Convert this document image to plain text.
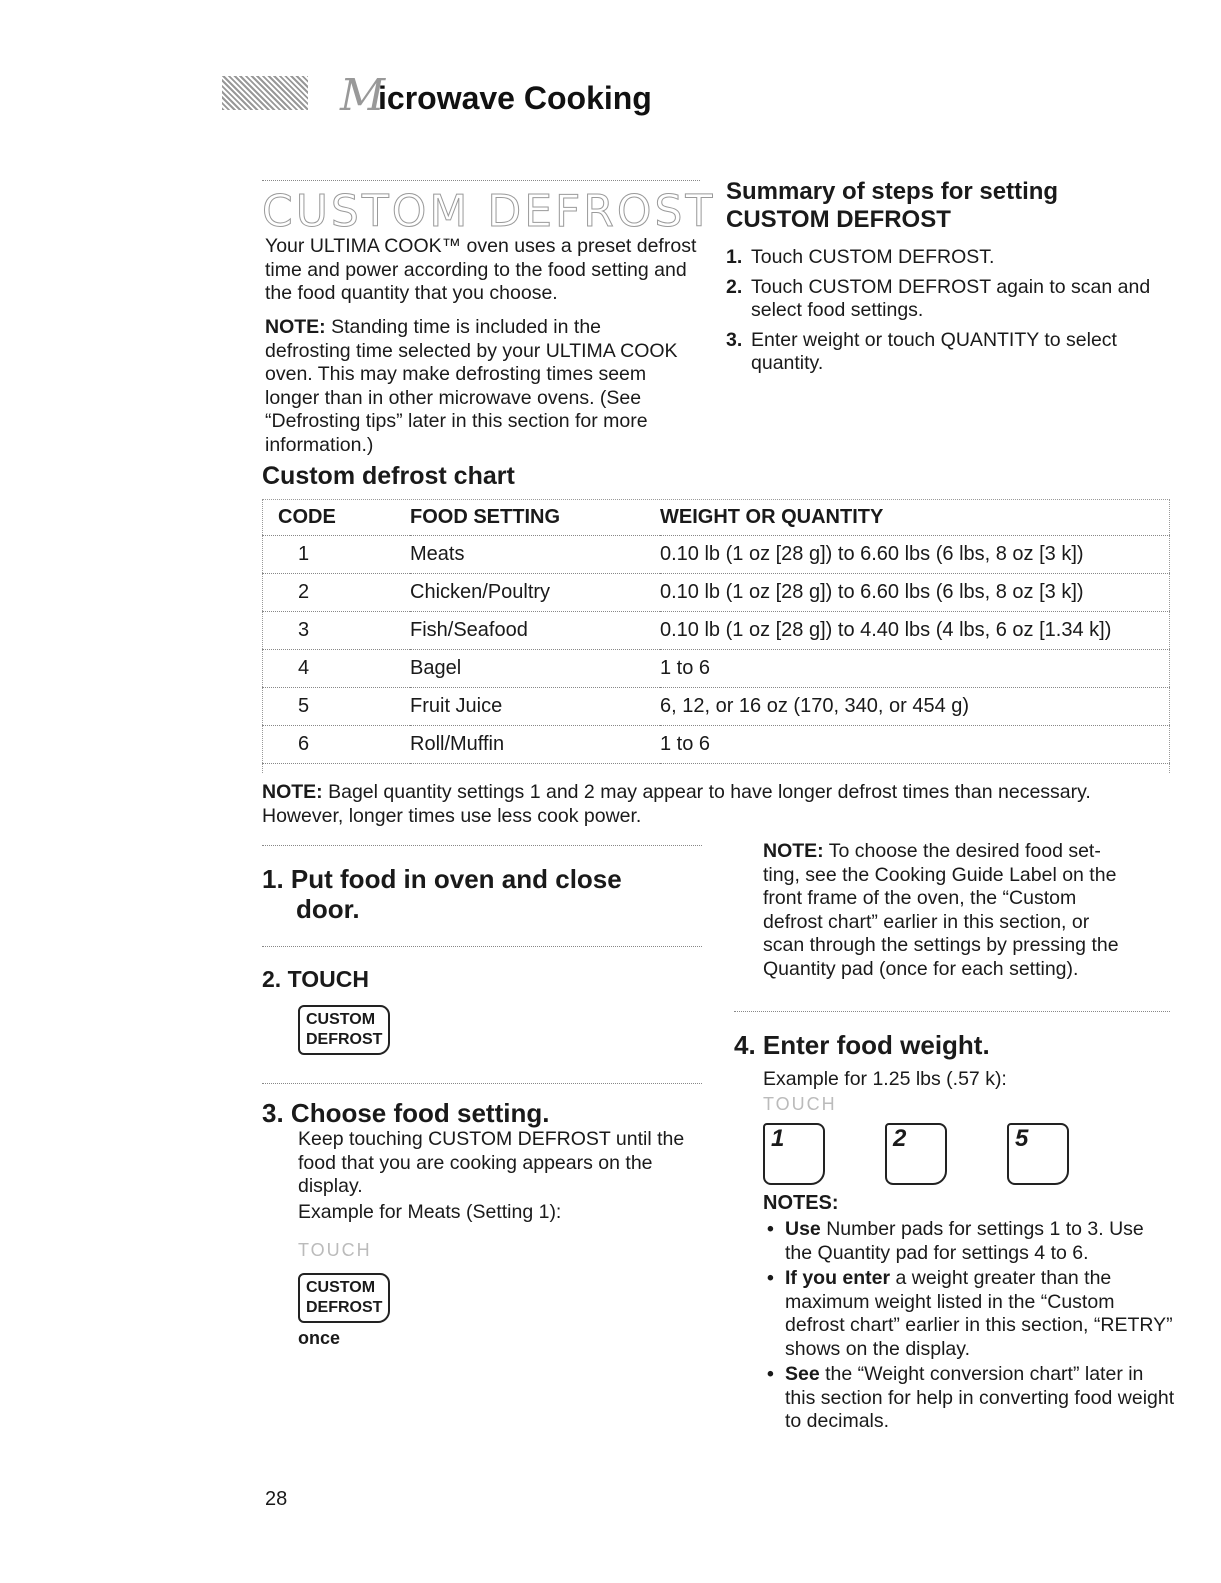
M
icrowave Cooking
CUSTOM DEFROST
Your ULTIMA COOK™ oven uses a preset defrost time and power according to the food setting and the food quantity that you choose.
NOTE: Standing time is included in the defrosting time selected by your ULTIMA COOK oven. This may make defrosting times seem longer than in other microwave ovens. (See “Defrosting tips” later in this section for more information.)
Summary of steps for setting
CUSTOM DEFROST
1. Touch CUSTOM DEFROST.
2. Touch CUSTOM DEFROST again to scan and select food settings.
3. Enter weight or touch QUANTITY to select quantity.
Custom defrost chart
CODE	FOOD SETTING	WEIGHT OR QUANTITY
1	Meats	0.10 lb (1 oz [28 g]) to 6.60 lbs (6 lbs, 8 oz [3 k])
2	Chicken/Poultry	0.10 lb (1 oz [28 g]) to 6.60 lbs (6 lbs, 8 oz [3 k])
3	Fish/Seafood	0.10 lb (1 oz [28 g]) to 4.40 lbs (4 lbs, 6 oz [1.34 k])
4	Bagel	1 to 6
5	Fruit Juice	6, 12, or 16 oz (170, 340, or 454 g)
6	Roll/Muffin	1 to 6
NOTE: Bagel quantity settings 1 and 2 may appear to have longer defrost times than necessary. However, longer times use less cook power.
1. Put food in oven and close
door.
2. TOUCH
CUSTOM
DEFROST
3. Choose food setting.
Keep touching CUSTOM DEFROST until the food that you are cooking appears on the display.
Example for Meats (Setting 1):
TOUCH
CUSTOM
DEFROST
once
NOTE: To choose the desired food set-
ting, see the Cooking Guide Label on the
front frame of the oven, the “Custom
defrost chart” earlier in this section, or
scan through the settings by pressing the
Quantity pad (once for each setting).
4. Enter food weight.
Example for 1.25 lbs (.57 k):
TOUCH
1	2	5
NOTES:
• Use Number pads for settings 1 to 3. Use the Quantity pad for settings 4 to 6.
• If you enter a weight greater than the maximum weight listed in the “Custom defrost chart” earlier in this section, “RETRY” shows on the display.
• See the “Weight conversion chart” later in this section for help in converting food weight to decimals.
28
